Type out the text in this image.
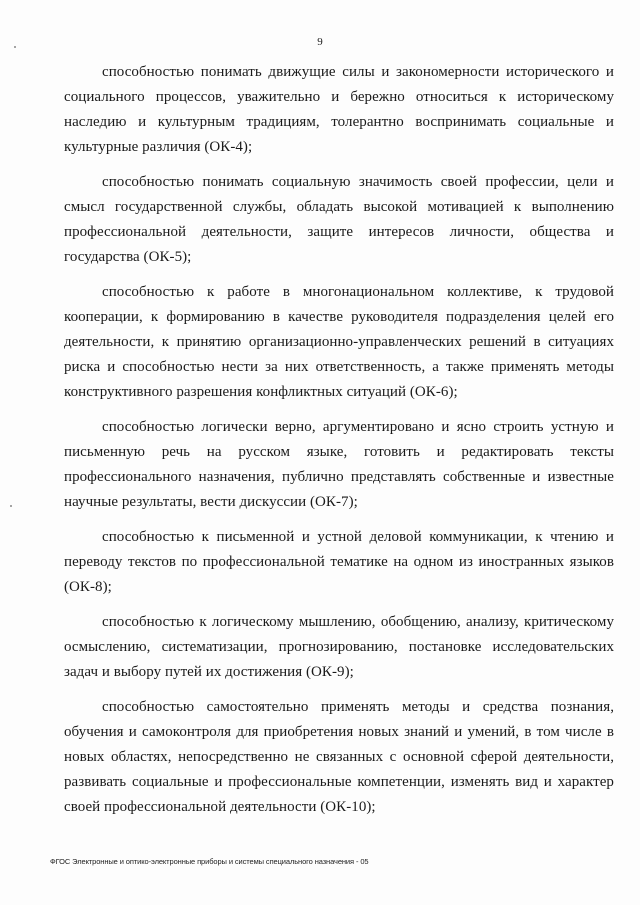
9

способностью понимать движущие силы и закономерности исторического и социального процессов, уважительно и бережно относиться к историческому наследию и культурным традициям, толерантно воспринимать социальные и культурные различия (ОК-4);

способностью понимать социальную значимость своей профессии, цели и смысл государственной службы, обладать высокой мотивацией к выполнению профессиональной деятельности, защите интересов личности, общества и государства (ОК-5);

способностью к работе в многонациональном коллективе, к трудовой кооперации, к формированию в качестве руководителя подразделения целей его деятельности, к принятию организационно-управленческих решений в ситуациях риска и способностью нести за них ответственность, а также применять методы конструктивного разрешения конфликтных ситуаций (ОК-6);

способностью логически верно, аргументировано и ясно строить устную и письменную речь на русском языке, готовить и редактировать тексты профессионального назначения, публично представлять собственные и известные научные результаты, вести дискуссии (ОК-7);

способностью к письменной и устной деловой коммуникации, к чтению и переводу текстов по профессиональной тематике на одном из иностранных языков (ОК-8);

способностью к логическому мышлению, обобщению, анализу, критическому осмыслению, систематизации, прогнозированию, постановке исследовательских задач и выбору путей их достижения (ОК-9);

способностью самостоятельно применять методы и средства познания, обучения и самоконтроля для приобретения новых знаний и умений, в том числе в новых областях, непосредственно не связанных с основной сферой деятельности, развивать социальные и профессиональные компетенции, изменять вид и характер своей профессиональной деятельности (ОК-10);

ФГОС Электронные и оптико-электронные приборы и системы специального назначения - 05
